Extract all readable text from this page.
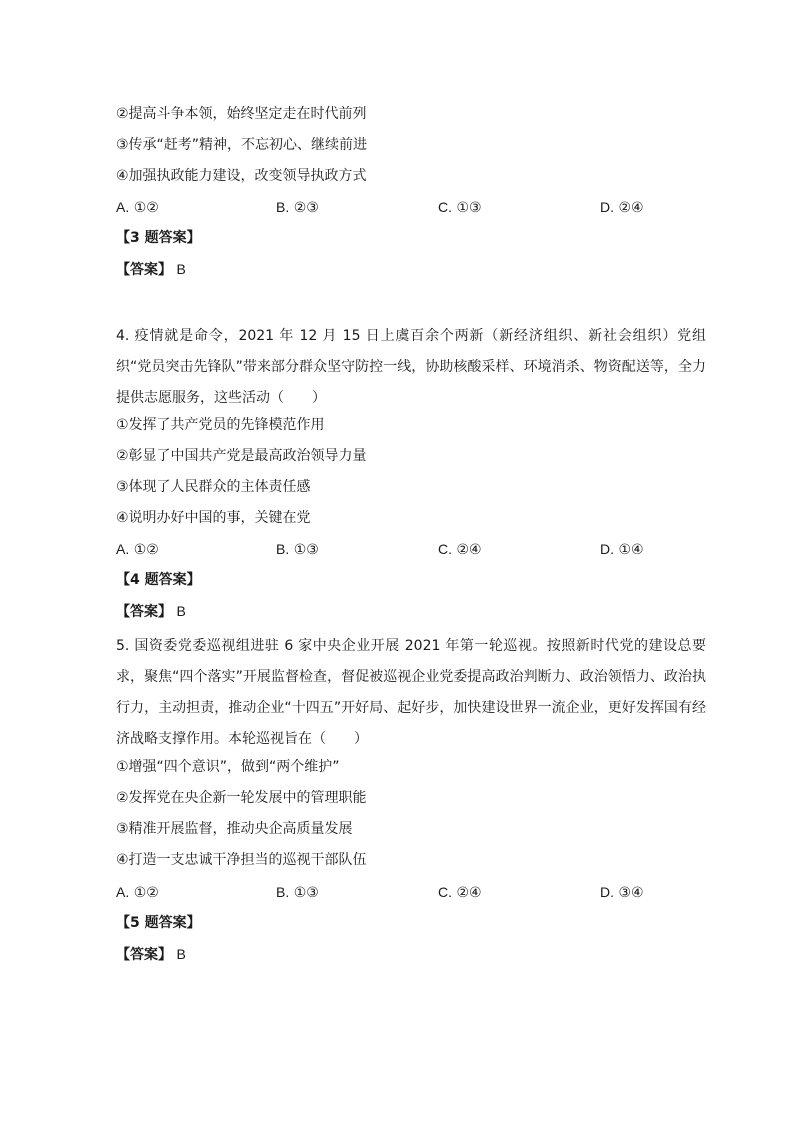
②提高斗争本领，始终坚定走在时代前列
③传承“赶考”精神，不忘初心、继续前进
④加强执政能力建设，改变领导执政方式
A. ①②	B. ②③	C. ①③	D. ②④
【3 题答案】
【答案】 B
4. 疫情就是命令，2021 年 12 月 15 日上虞百余个两新（新经济组织、新社会组织）党组织“党员突击先锋队”带来部分群众坚守防控一线，协助核酸采样、环境消杀、物资配送等，全力提供志愿服务，这些活动（　　）
①发挥了共产党员的先锋模范作用
②彰显了中国共产党是最高政治领导力量
③体现了人民群众的主体责任感
④说明办好中国的事，关键在党
A. ①②	B. ①③	C. ②④	D. ①④
【4 题答案】
【答案】 B
5. 国资委党委巡视组进驻 6 家中央企业开展 2021 年第一轮巡视。按照新时代党的建设总要求，聚焦“四个落实”开展监督检查，督促被巡视企业党委提高政治判断力、政治领悟力、政治执行力，主动担责，推动企业“十四五”开好局、起好步，加快建设世界一流企业，更好发挥国有经济战略支撑作用。本轮巡视旨在（　　）
①增强“四个意识”，做到“两个维护”
②发挥党在央企新一轮发展中的管理职能
③精准开展监督，推动央企高质量发展
④打造一支忠诚干净担当的巡视干部队伍
A. ①②	B. ①③	C. ②④	D. ③④
【5 题答案】
【答案】 B
